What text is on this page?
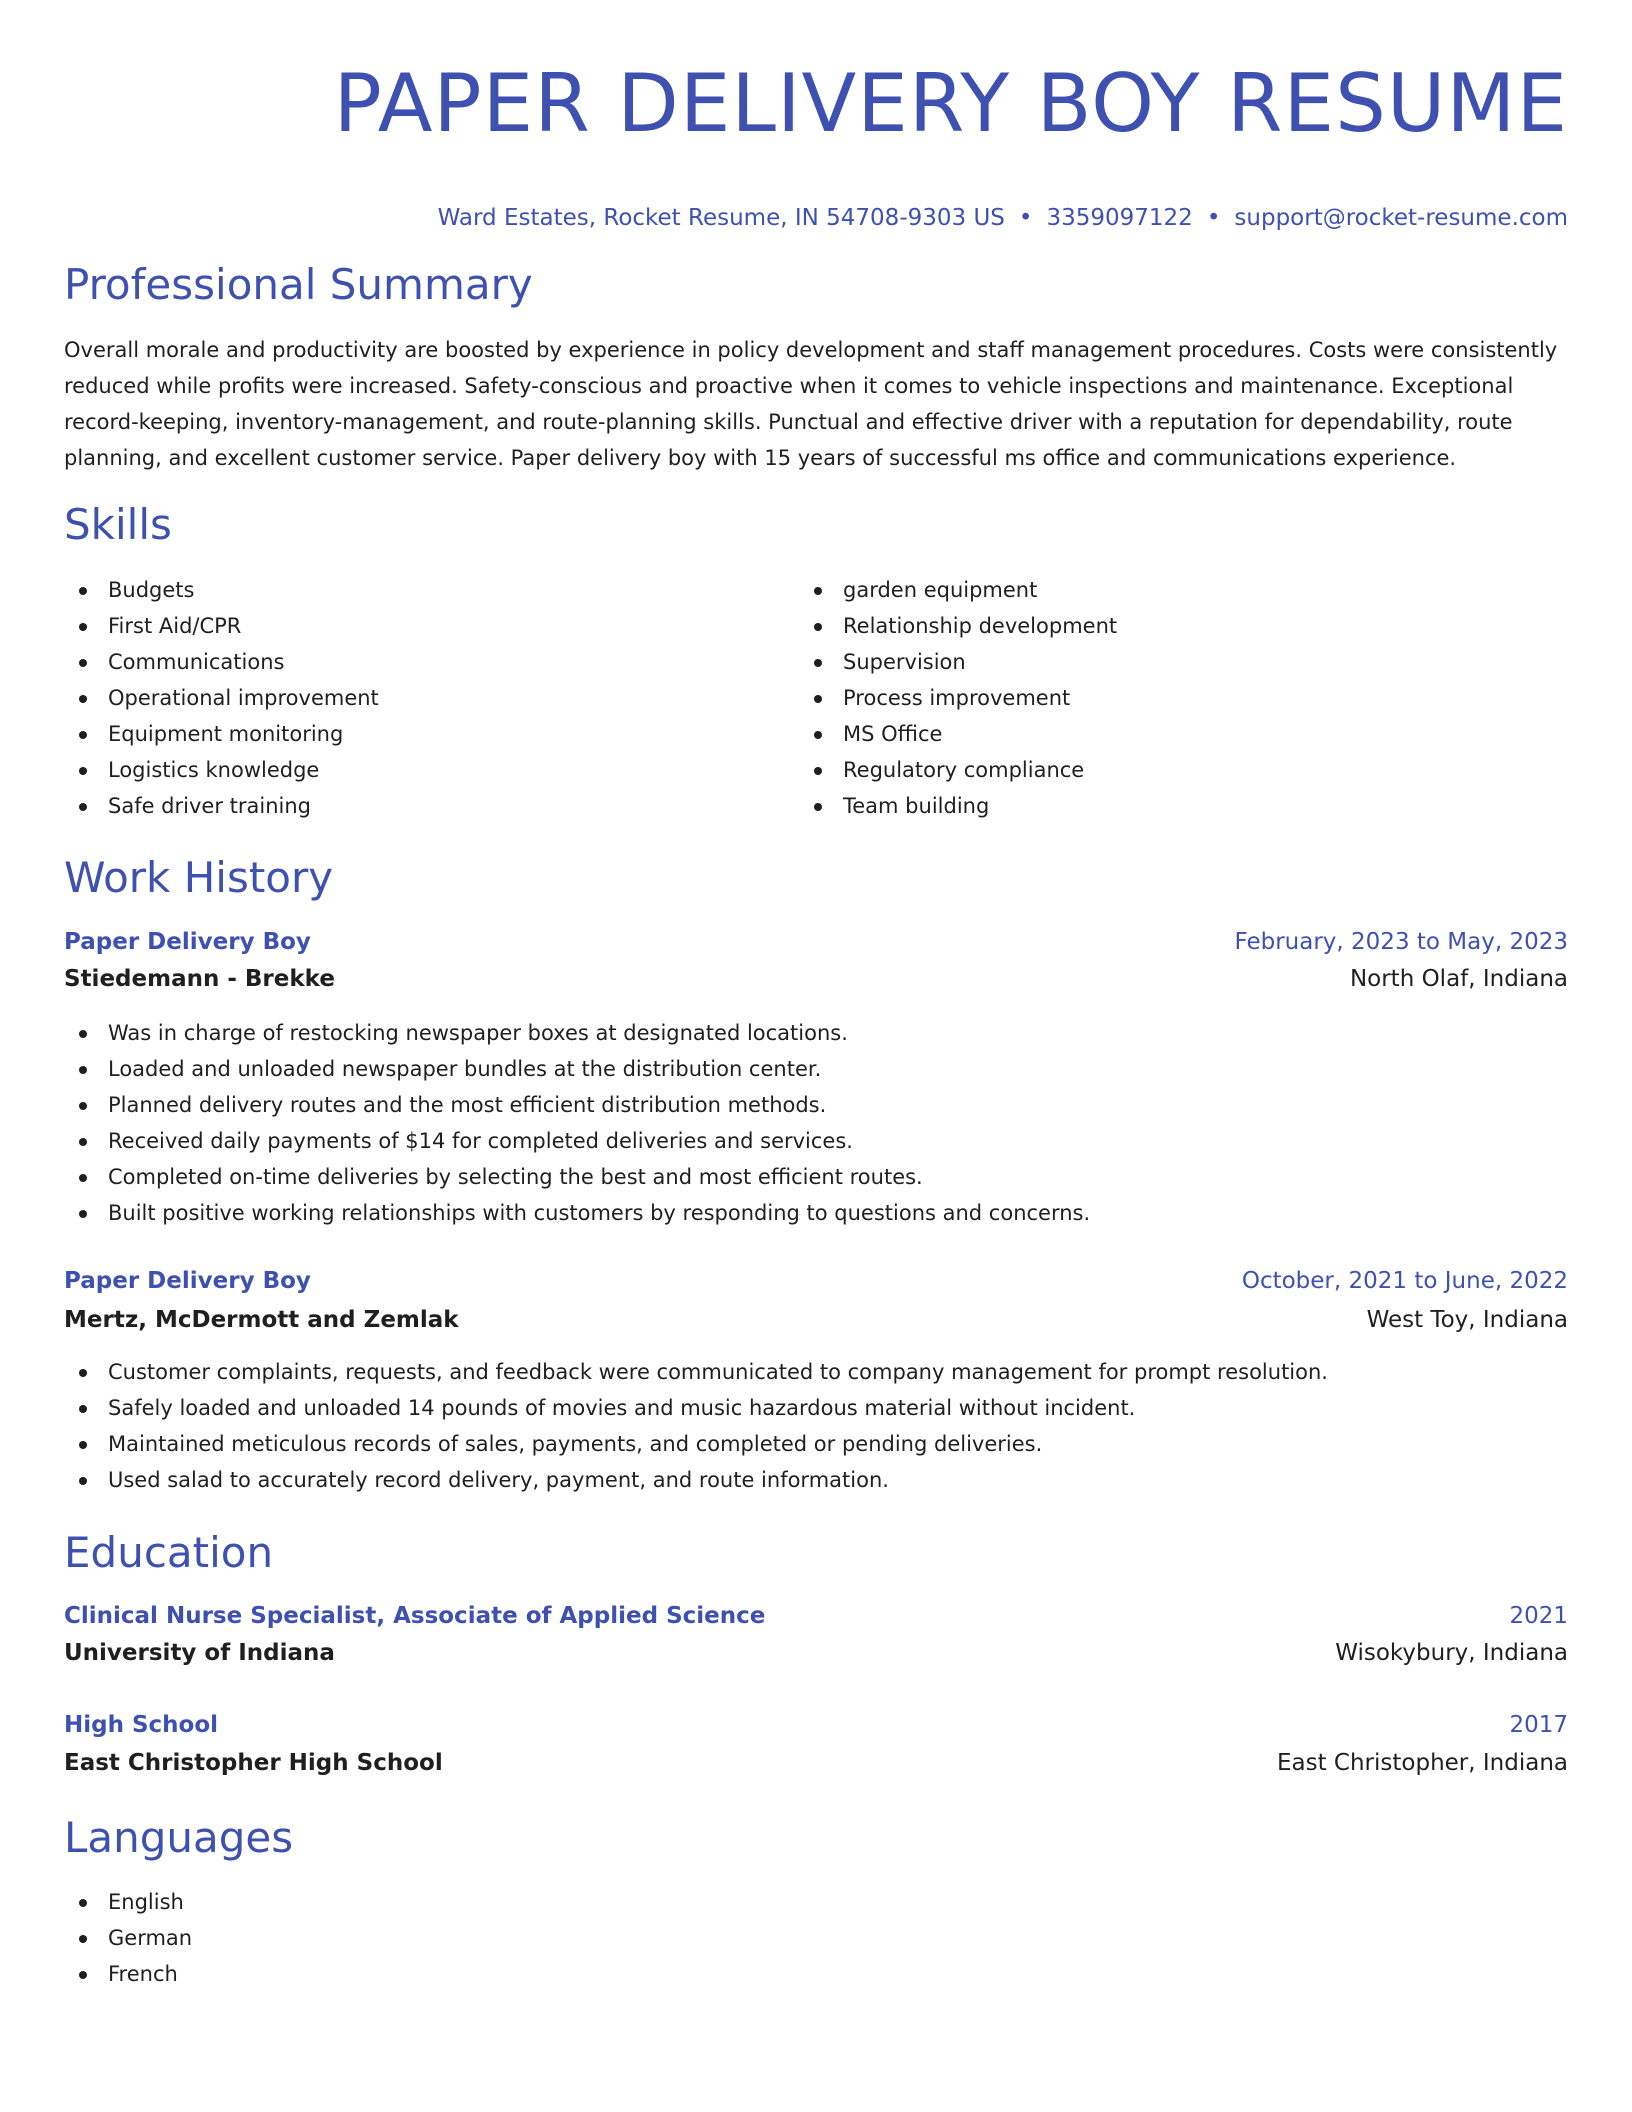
PAPER DELIVERY BOY RESUME
Ward Estates, Rocket Resume, IN 54708-9303 US • 3359097122 • support@rocket-resume.com
Professional Summary

Overall morale and productivity are boosted by experience in policy development and staff management procedures. Costs were consistently reduced while profits were increased. Safety-conscious and proactive when it comes to vehicle inspections and maintenance. Exceptional record-keeping, inventory-management, and route-planning skills. Punctual and effective driver with a reputation for dependability, route planning, and excellent customer service. Paper delivery boy with 15 years of successful ms office and communications experience.

Skills
Budgets
First Aid/CPR
Communications
Operational improvement
Equipment monitoring
Logistics knowledge
Safe driver training
garden equipment
Relationship development
Supervision
Process improvement
MS Office
Regulatory compliance
Team building
Work History
Paper Delivery Boy	February, 2023 to May, 2023
Stiedemann - Brekke	North Olaf, Indiana
Was in charge of restocking newspaper boxes at designated locations.
Loaded and unloaded newspaper bundles at the distribution center.
Planned delivery routes and the most efficient distribution methods.
Received daily payments of $14 for completed deliveries and services.
Completed on-time deliveries by selecting the best and most efficient routes.
Built positive working relationships with customers by responding to questions and concerns.
Paper Delivery Boy	October, 2021 to June, 2022
Mertz, McDermott and Zemlak	West Toy, Indiana
Customer complaints, requests, and feedback were communicated to company management for prompt resolution.
Safely loaded and unloaded 14 pounds of movies and music hazardous material without incident.
Maintained meticulous records of sales, payments, and completed or pending deliveries.
Used salad to accurately record delivery, payment, and route information.
Education
Clinical Nurse Specialist, Associate of Applied Science	2021
University of Indiana	Wisokybury, Indiana
High School	2017
East Christopher High School	East Christopher, Indiana
Languages
English
German
French
